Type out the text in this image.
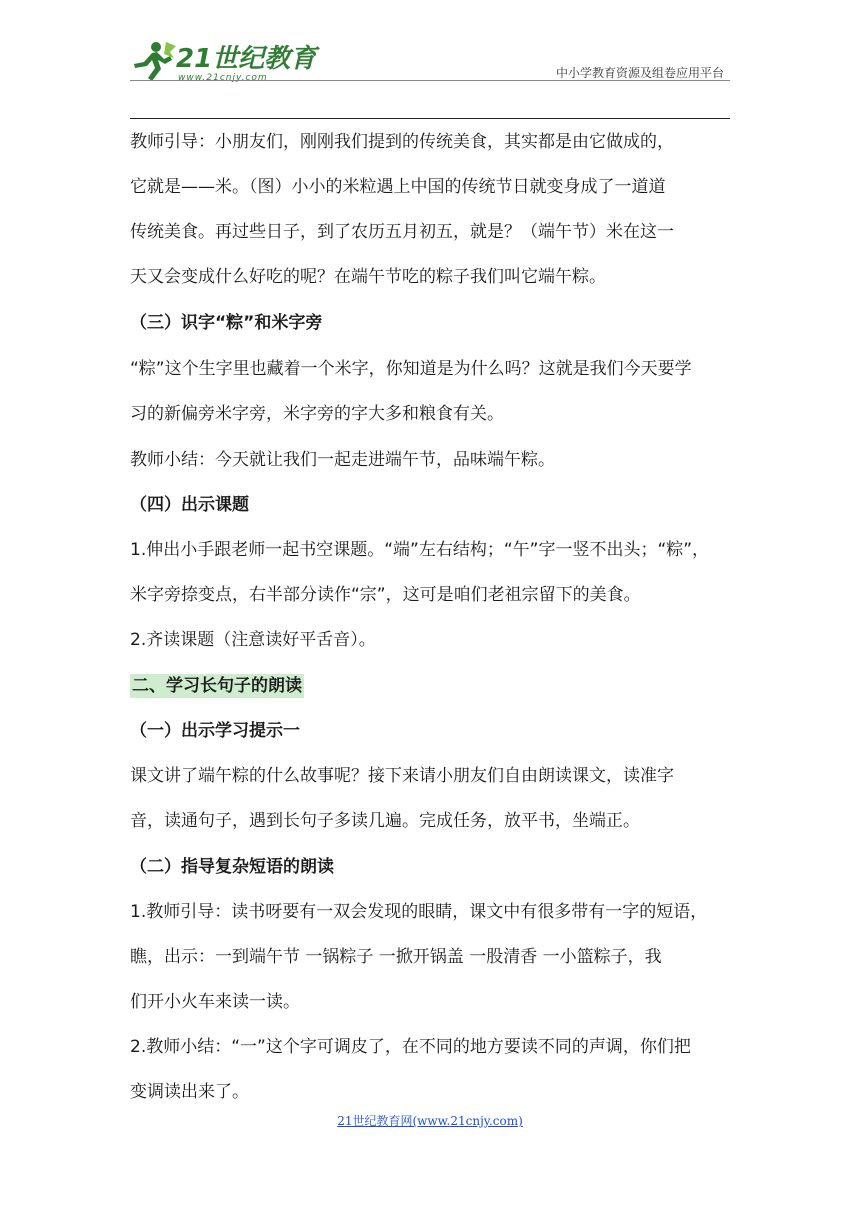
21世纪教育
www.21cnjy.com	中小学教育资源及组卷应用平台
教师引导：小朋友们，刚刚我们提到的传统美食，其实都是由它做成的，
它就是——米。（图）小小的米粒遇上中国的传统节日就变身成了一道道
传统美食。再过些日子，到了农历五月初五，就是？（端午节）米在这一
天又会变成什么好吃的呢？在端午节吃的粽子我们叫它端午粽。
（三）识字“粽”和米字旁
“粽”这个生字里也藏着一个米字，你知道是为什么吗？这就是我们今天要学
习的新偏旁米字旁，米字旁的字大多和粮食有关。
教师小结：今天就让我们一起走进端午节，品味端午粽。
（四）出示课题
1.伸出小手跟老师一起书空课题。“端”左右结构；“午”字一竖不出头；“粽”，
米字旁捺变点，右半部分读作“宗”，这可是咱们老祖宗留下的美食。
2.齐读课题（注意读好平舌音）。
二、学习长句子的朗读
（一）出示学习提示一
课文讲了端午粽的什么故事呢？接下来请小朋友们自由朗读课文，读准字
音，读通句子，遇到长句子多读几遍。完成任务，放平书，坐端正。
（二）指导复杂短语的朗读
1.教师引导：读书呀要有一双会发现的眼睛，课文中有很多带有一字的短语，
瞧，出示：一到端午节 一锅粽子 一掀开锅盖 一股清香 一小篮粽子，我
们开小火车来读一读。
2.教师小结：“一”这个字可调皮了，在不同的地方要读不同的声调，你们把
变调读出来了。
21世纪教育网(www.21cnjy.com)
